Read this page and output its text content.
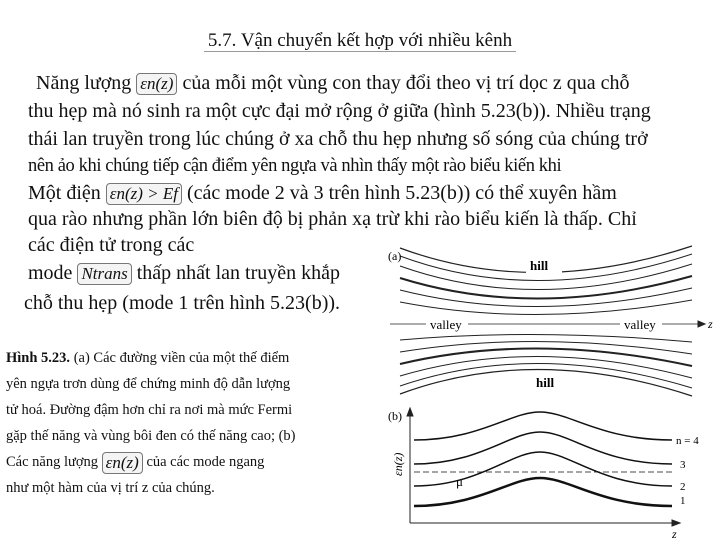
5.7. Vận chuyển kết hợp với nhiều kênh
Năng lượng εn(z) của mỗi một vùng con thay đổi theo vị trí dọc z qua chỗ
thu hẹp mà nó sinh ra một cực đại mở rộng ở giữa (hình 5.23(b)). Nhiều trạng
thái lan truyền trong lúc chúng ở xa chỗ thu hẹp nhưng số sóng của chúng trở
nên ảo khi chúng tiếp cận điểm yên ngựa và nhìn thấy một rào biểu kiến khi
Một điện εn(z) > Ef (các mode 2 và 3 trên hình 5.23(b)) có thể xuyên hầm
qua rào nhưng phần lớn biên độ bị phản xạ trừ khi rào biểu kiến là thấp. Chỉ
các điện tử trong các
mode Ntrans thấp nhất lan truyền khắp
chỗ thu hẹp (mode 1 trên hình 5.23(b)).
Hình 5.23. (a) Các đường viền của một thế điểm
yên ngựa trơn dùng để chứng minh độ dẫn lượng
tử hoá. Đường đậm hơn chỉ ra nơi mà mức Fermi
gặp thế năng và vùng bôi đen có thế năng cao; (b)
Các năng lượng εn(z) của các mode ngang
như một hàm của vị trí z của chúng.
hill
hill
valley	valley
(a)
z
(b)
εn(z)
z
μ
n = 4
3
2
1
